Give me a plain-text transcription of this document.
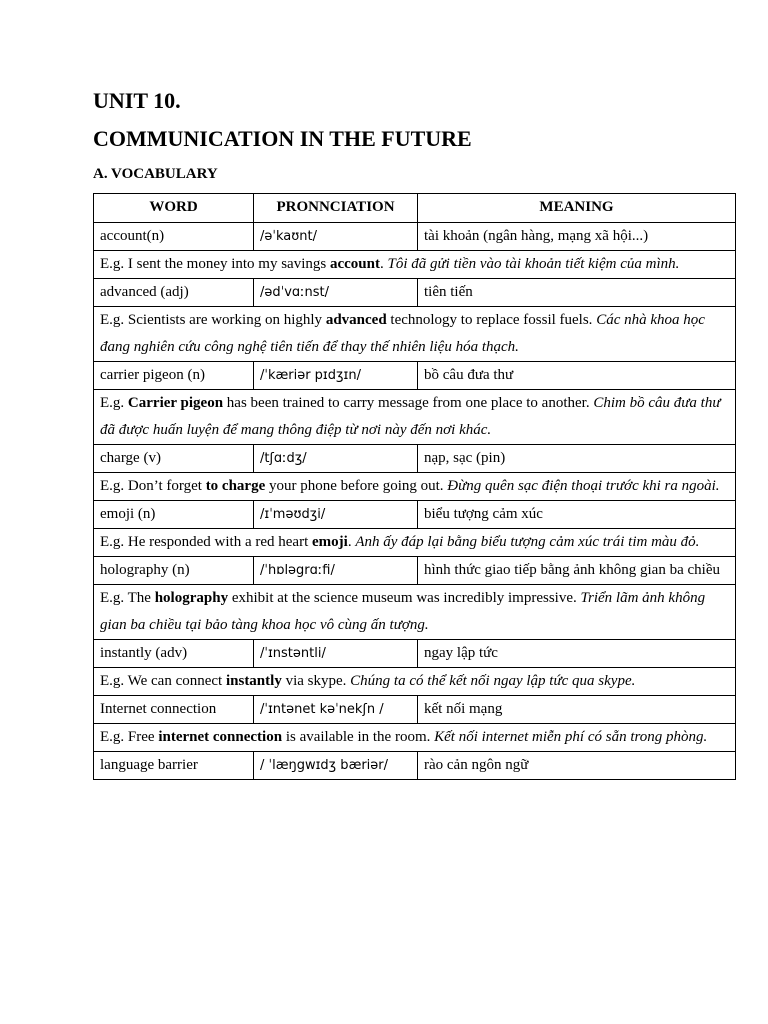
UNIT 10.
COMMUNICATION IN THE FUTURE
A. VOCABULARY
WORD	PRONNCIATION	MEANING
account(n)	/əˈkaʊnt/	tài khoản (ngân hàng, mạng xã hội...)
E.g. I sent the money into my savings account. Tôi đã gửi tiền vào tài khoản tiết kiệm của mình.		
advanced (adj)	/ədˈvɑːnst/	tiên tiến
E.g. Scientists are working on highly advanced technology to replace fossil fuels. Các nhà khoa học đang nghiên cứu công nghệ tiên tiến để thay thế nhiên liệu hóa thạch.		
carrier pigeon (n)	/ˈkæriər pɪdʒɪn/	bồ câu đưa thư
E.g. Carrier pigeon has been trained to carry message from one place to another. Chim bồ câu đưa thư đã được huấn luyện để mang thông điệp từ nơi này đến nơi khác.		
charge (v)	/tʃɑːdʒ/	nạp, sạc (pin)
E.g. Don’t forget to charge your phone before going out. Đừng quên sạc điện thoại trước khi ra ngoài.		
emoji (n)	/ɪˈməʊdʒi/	biểu tượng cảm xúc
E.g. He responded with a red heart emoji. Anh ấy đáp lại bằng biểu tượng cảm xúc trái tim màu đỏ.		
holography (n)	/ˈhɒləgrɑːfi/	hình thức giao tiếp bằng ảnh không gian ba chiều
E.g. The holography exhibit at the science museum was incredibly impressive. Triển lãm ảnh không gian ba chiều tại bảo tàng khoa học vô cùng ấn tượng.		
instantly (adv)	/ˈɪnstəntli/	ngay lập tức
E.g. We can connect instantly via skype. Chúng ta có thể kết nối ngay lập tức qua skype.		
Internet connection	/ˈɪntənet kəˈnekʃn /	kết nối mạng
E.g. Free internet connection is available in the room. Kết nối internet miễn phí có sẵn trong phòng.		
language barrier	/ ˈlæŋgwɪdʒ bæriər/	rào cản ngôn ngữ
